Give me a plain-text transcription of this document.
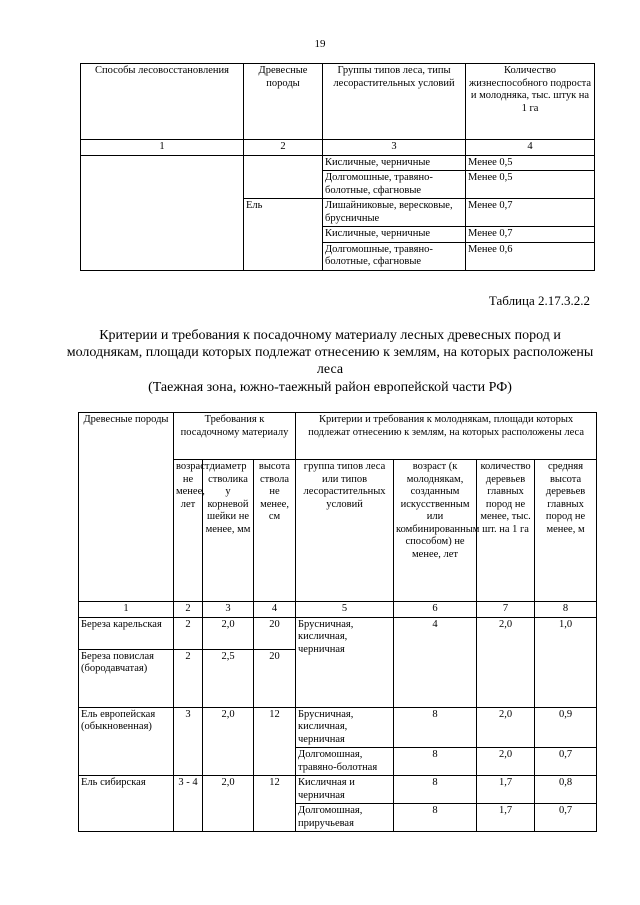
19
Способы лесовосстановления	Древесные породы	Группы типов леса, типы лесорастительных условий	Количество жизнеспособного подроста и молодняка, тыс. штук на 1 га
1	2	3	4
		Кисличные, черничные	Менее 0,5
		Долгомошные, травяно-болотные, сфагновые	Менее 0,5
	Ель	Лишайниковые, вересковые, брусничные	Менее 0,7
		Кисличные, черничные	Менее 0,7
		Долгомошные, травяно-болотные, сфагновые	Менее 0,6
Таблица 2.17.3.2.2
Критерии и требования к посадочному материалу лесных древесных пород и молоднякам, площади которых подлежат отнесению к землям, на которых расположены леса
(Таежная зона, южно-таежный район европейской части РФ)
Древесные породы	Требования к посадочному материалу			Критерии и требования к молоднякам, площади которых подлежат отнесению к землям, на которых расположены леса			
	возраст не менее, лет	диаметр стволика у корневой шейки не менее, мм	высота ствола не менее, см	группа типов леса или типов лесорастительных условий	возраст (к молоднякам, созданным искусственным или комбинированным способом) не менее, лет	количество деревьев главных пород не менее, тыс. шт. на 1 га	средняя высота деревьев главных пород не менее, м
1	2	3	4	5	6	7	8
Береза карельская	2	2,0	20	Брусничная, кисличная, черничная	4	2,0	1,0
Береза повислая (бородавчатая)	2	2,5	20				

Ель европейская (обыкновенная)	3	2,0	12	Брусничная, кисличная, черничная	8	2,0	0,9
				Долгомошная, травяно-болотная	8	2,0	0,7
Ель сибирская	3 - 4	2,0	12	Кисличная и черничная	8	1,7	0,8
				Долгомошная, приручьевая	8	1,7	0,7
